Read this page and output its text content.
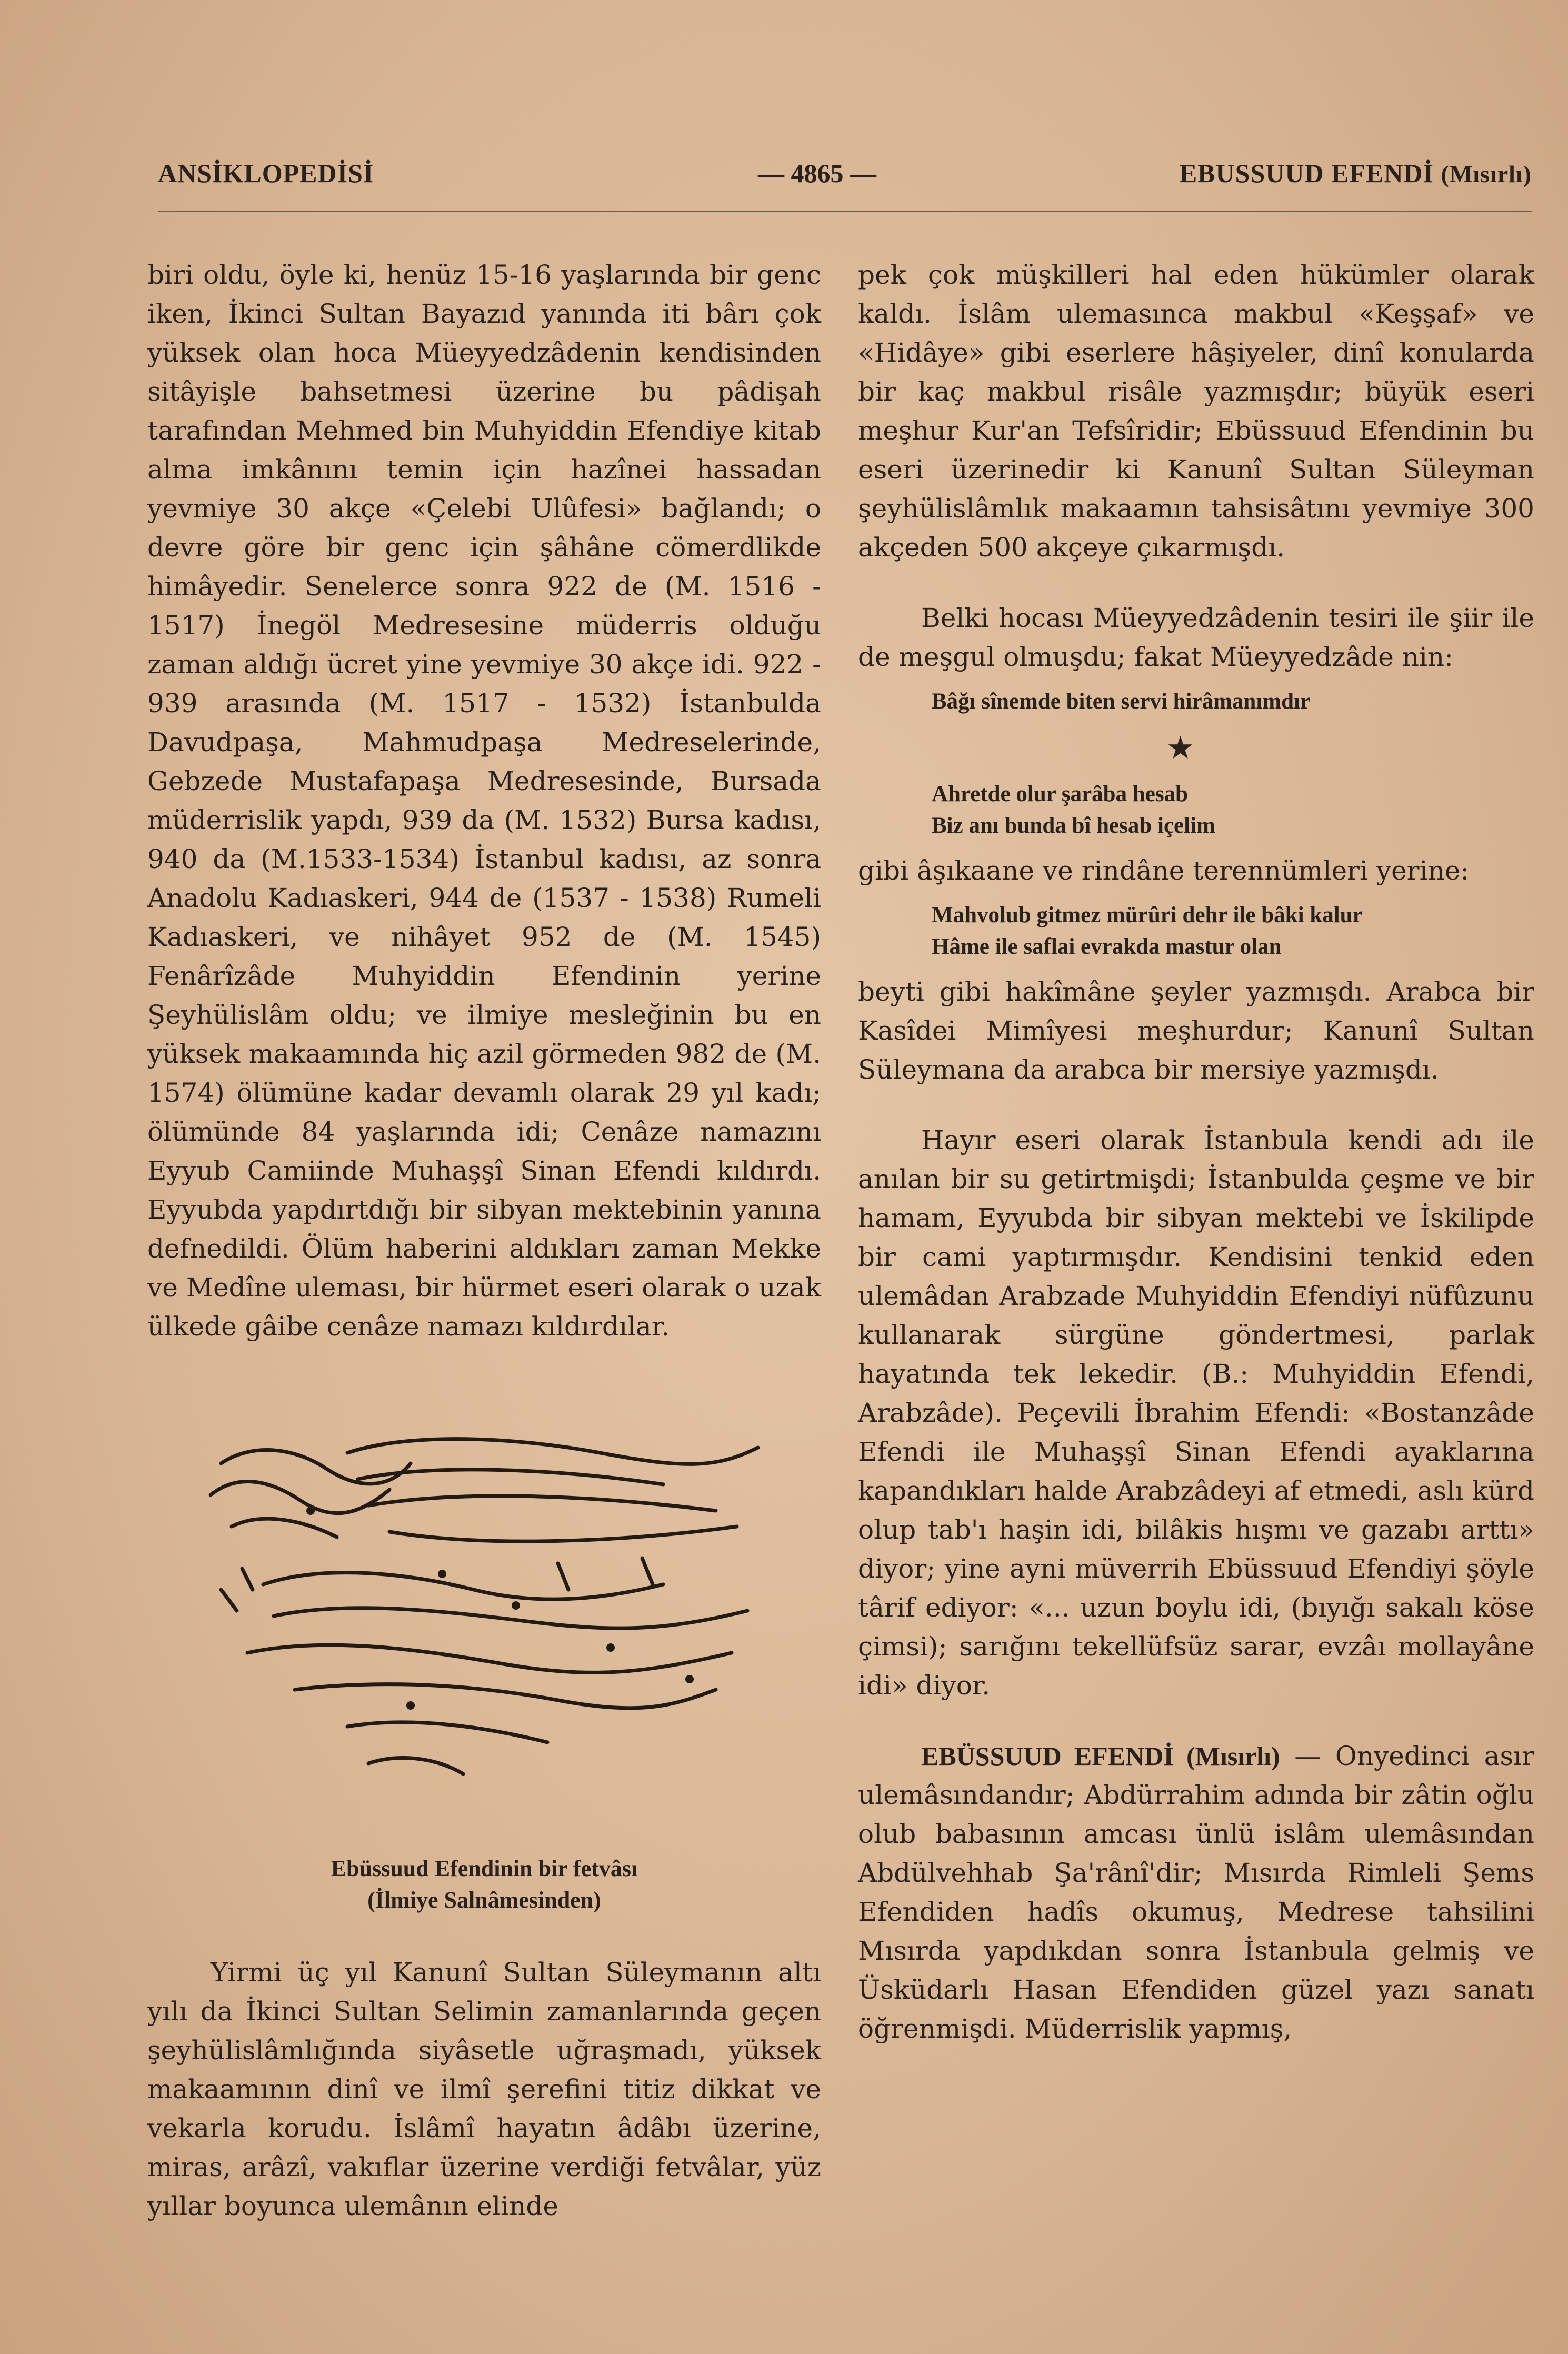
ANSİKLOPEDİSİ	— 4865 —	EBUSSUUD EFENDİ (Mısırlı)

biri oldu, öyle ki, henüz 15-16 yaşlarında bir genc iken, İkinci Sultan Bayazıd yanında iti bârı çok yüksek olan hoca Müeyyedzâdenin kendisinden sitâyişle bahsetmesi üzerine bu pâdişah tarafından Mehmed bin Muhyiddin Efendiye kitab alma imkânını temin için hazînei hassadan yevmiye 30 akçe «Çelebi Ulûfesi» bağlandı; o devre göre bir genc için şâhâne cömerdlikde himâyedir. Senelerce sonra 922 de (M. 1516 - 1517) İnegöl Medresesine müderris olduğu zaman aldığı ücret yine yevmiye 30 akçe idi. 922 - 939 arasında (M. 1517 - 1532) İstanbulda Davudpaşa, Mahmudpaşa Medreselerinde, Gebzede Mustafapaşa Medresesinde, Bursada müderrislik yapdı, 939 da (M. 1532) Bursa kadısı, 940 da (M.1533-1534) İstanbul kadısı, az sonra Anadolu Kadıaskeri, 944 de (1537 - 1538) Rumeli Kadıaskeri, ve nihâyet 952 de (M. 1545) Fenârîzâde Muhyiddin Efendinin yerine Şeyhülislâm oldu; ve ilmiye mesleğinin bu en yüksek makaamında hiç azil görmeden 982 de (M. 1574) ölümüne kadar devamlı olarak 29 yıl kadı; ölümünde 84 yaşlarında idi; Cenâze namazını Eyyub Camiinde Muhaşşî Sinan Efendi kıldırdı. Eyyubda yapdırtdığı bir sibyan mektebinin yanına defnedildi. Ölüm haberini aldıkları zaman Mekke ve Medîne uleması, bir hürmet eseri olarak o uzak ülkede gâibe cenâze namazı kıldırdılar.

Ebüssuud Efendinin bir fetvâsı
(İlmiye Salnâmesinden)

Yirmi üç yıl Kanunî Sultan Süleymanın altı yılı da İkinci Sultan Selimin zamanlarında geçen şeyhülislâmlığında siyâsetle uğraşmadı, yüksek makaamının dinî ve ilmî şerefini titiz dikkat ve vekarla korudu. İslâmî hayatın âdâbı üzerine, miras, arâzî, vakıflar üzerine verdiği fetvâlar, yüz yıllar boyunca ulemânın elinde

pek çok müşkilleri hal eden hükümler olarak kaldı. İslâm ulemasınca makbul «Keşşaf» ve «Hidâye» gibi eserlere hâşiyeler, dinî konularda bir kaç makbul risâle yazmışdır; büyük eseri meşhur Kur'an Tefsîridir; Ebüssuud Efendinin bu eseri üzerinedir ki Kanunî Sultan Süleyman şeyhülislâmlık makaamın tahsisâtını yevmiye 300 akçeden 500 akçeye çıkarmışdı.

Belki hocası Müeyyedzâdenin tesiri ile şiir ile de meşgul olmuşdu; fakat Müeyyedzâde nin:

Bâğı sînemde biten servi hirâmanımdır
★
Ahretde olur şarâba hesab
Biz anı bunda bî hesab içelim

gibi âşıkaane ve rindâne terennümleri yerine:

Mahvolub gitmez mürûri dehr ile bâki kalur
Hâme ile saflai evrakda mastur olan

beyti gibi hakîmâne şeyler yazmışdı. Arabca bir Kasîdei Mimîyesi meşhurdur; Kanunî Sultan Süleymana da arabca bir mersiye yazmışdı.

Hayır eseri olarak İstanbula kendi adı ile anılan bir su getirtmişdi; İstanbulda çeşme ve bir hamam, Eyyubda bir sibyan mektebi ve İskilipde bir cami yaptırmışdır. Kendisini tenkid eden ulemâdan Arabzade Muhyiddin Efendiyi nüfûzunu kullanarak sürgüne göndertmesi, parlak hayatında tek lekedir. (B.: Muhyiddin Efendi, Arabzâde). Peçevili İbrahim Efendi: «Bostanzâde Efendi ile Muhaşşî Sinan Efendi ayaklarına kapandıkları halde Arabzâdeyi af etmedi, aslı kürd olup tab'ı haşin idi, bilâkis hışmı ve gazabı arttı» diyor; yine ayni müverrih Ebüssuud Efendiyi şöyle târif ediyor: «... uzun boylu idi, (bıyığı sakalı köse çimsi); sarığını tekellüfsüz sarar, evzâı mollayâne idi» diyor.

EBÜSSUUD EFENDİ (Mısırlı) — Onyedinci asır ulemâsındandır; Abdürrahim adında bir zâtin oğlu olub babasının amcası ünlü islâm ulemâsından Abdülvehhab Şa'rânî'dir; Mısırda Rimleli Şems Efendiden hadîs okumuş, Medrese tahsilini Mısırda yapdıkdan sonra İstanbula gelmiş ve Üsküdarlı Hasan Efendiden güzel yazı sanatı öğrenmişdi. Müderrislik yapmış,
